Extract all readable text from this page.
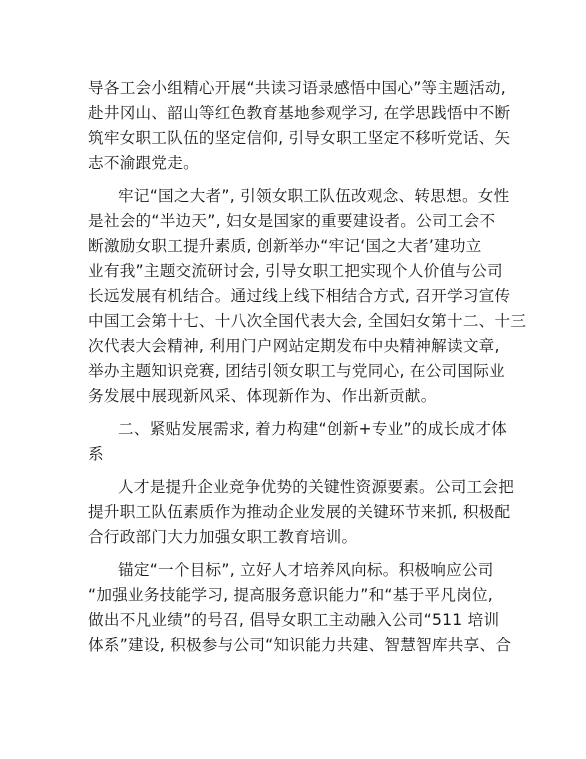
导各工会小组精心开展“共读习语录感悟中国心”等主题活动,
赴井冈山、韶山等红色教育基地参观学习, 在学思践悟中不断
筑牢女职工队伍的坚定信仰, 引导女职工坚定不移听党话、矢
志不渝跟党走。
牢记“国之大者”, 引领女职工队伍改观念、转思想。女性
是社会的“半边天”, 妇女是国家的重要建设者。公司工会不
断激励女职工提升素质, 创新举办“牢记‘国之大者’建功立
业有我”主题交流研讨会, 引导女职工把实现个人价值与公司
长远发展有机结合。通过线上线下相结合方式, 召开学习宣传
中国工会第十七、十八次全国代表大会, 全国妇女第十二、十三
次代表大会精神, 利用门户网站定期发布中央精神解读文章,
举办主题知识竞赛, 团结引领女职工与党同心, 在公司国际业
务发展中展现新风采、体现新作为、作出新贡献。
二、紧贴发展需求, 着力构建“创新+专业”的成长成才体
系
人才是提升企业竞争优势的关键性资源要素。公司工会把
提升职工队伍素质作为推动企业发展的关键环节来抓, 积极配
合行政部门大力加强女职工教育培训。
锚定“一个目标”, 立好人才培养风向标。积极响应公司
“加强业务技能学习, 提高服务意识能力”和“基于平凡岗位,
做出不凡业绩”的号召, 倡导女职工主动融入公司“511 培训
体系”建设, 积极参与公司“知识能力共建、智慧智库共享、合
